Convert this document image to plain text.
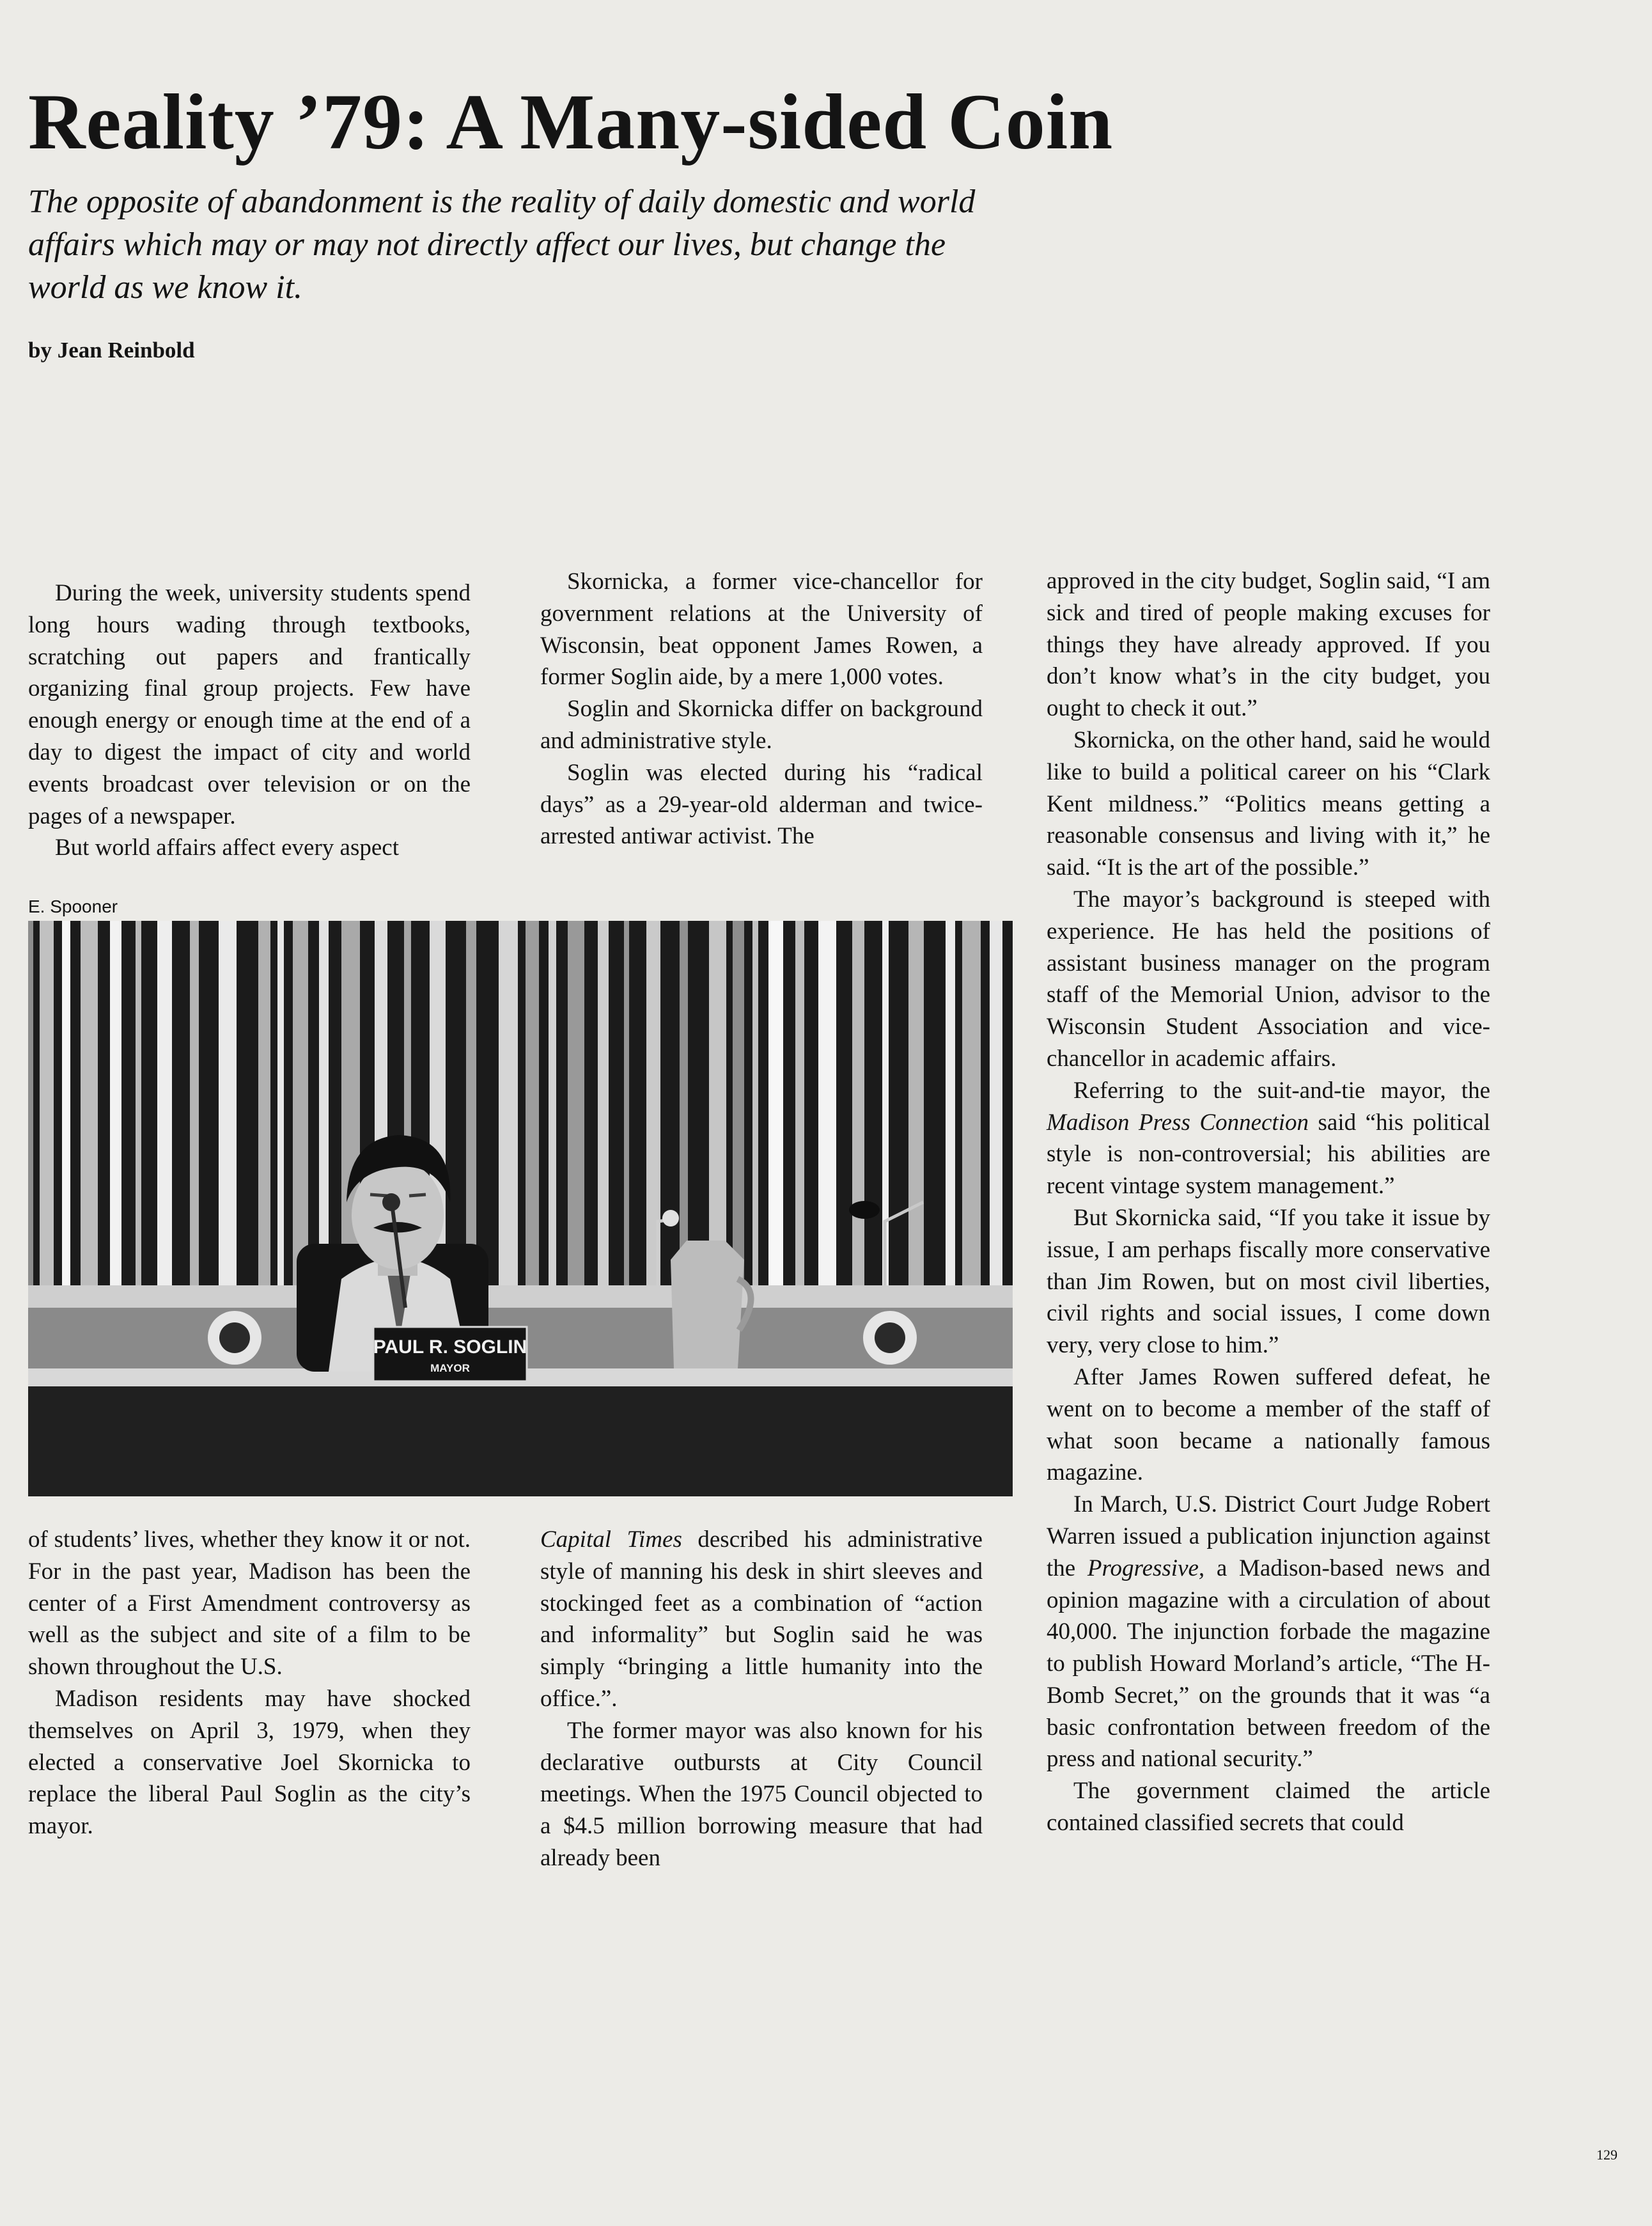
Reality ’79: A Many-sided Coin

The opposite of abandonment is the reality of daily domestic and world affairs which may or may not directly affect our lives, but change the world as we know it.

by Jean Reinbold

During the week, university students spend long hours wading through textbooks, scratching out papers and frantically organizing final group projects. Few have enough energy or enough time at the end of a day to digest the impact of city and world events broadcast over television or on the pages of a newspaper.

But world affairs affect every aspect

Skornicka, a former vice-chancellor for government relations at the University of Wisconsin, beat opponent James Rowen, a former Soglin aide, by a mere 1,000 votes.

Soglin and Skornicka differ on background and administrative style.

Soglin was elected during his “radical days” as a 29-year-old alderman and twice-arrested antiwar activist. The

approved in the city budget, Soglin said, “I am sick and tired of people making excuses for things they have already approved. If you don’t know what’s in the city budget, you ought to check it out.”

Skornicka, on the other hand, said he would like to build a political career on his “Clark Kent mildness.” “Politics means getting a reasonable consensus and living with it,” he said. “It is the art of the possible.”

The mayor’s background is steeped with experience. He has held the positions of assistant business manager on the program staff of the Memorial Union, advisor to the Wisconsin Student Association and vice-chancellor in academic affairs.

Referring to the suit-and-tie mayor, the Madison Press Connection said “his political style is non-controversial; his abilities are recent vintage system management.”

But Skornicka said, “If you take it issue by issue, I am perhaps fiscally more conservative than Jim Rowen, but on most civil liberties, civil rights and social issues, I come down very, very close to him.”

After James Rowen suffered defeat, he went on to become a member of the staff of what soon became a nationally famous magazine.

In March, U.S. District Court Judge Robert Warren issued a publication injunction against the Progressive, a Madison-based news and opinion magazine with a circulation of about 40,000. The injunction forbade the magazine to publish Howard Morland’s article, “The H-Bomb Secret,” on the grounds that it was “a basic confrontation between freedom of the press and national security.”

The government claimed the article contained classified secrets that could

E. Spooner

PAUL R. SOGLIN
MAYOR

of students’ lives, whether they know it or not. For in the past year, Madison has been the center of a First Amendment controversy as well as the subject and site of a film to be shown throughout the U.S.

Madison residents may have shocked themselves on April 3, 1979, when they elected a conservative Joel Skornicka to replace the liberal Paul Soglin as the city’s mayor.

Capital Times described his administrative style of manning his desk in shirt sleeves and stockinged feet as a combination of “action and informality” but Soglin said he was simply “bringing a little humanity into the office.”.

The former mayor was also known for his declarative outbursts at City Council meetings. When the 1975 Council objected to a $4.5 million borrowing measure that had already been

129
